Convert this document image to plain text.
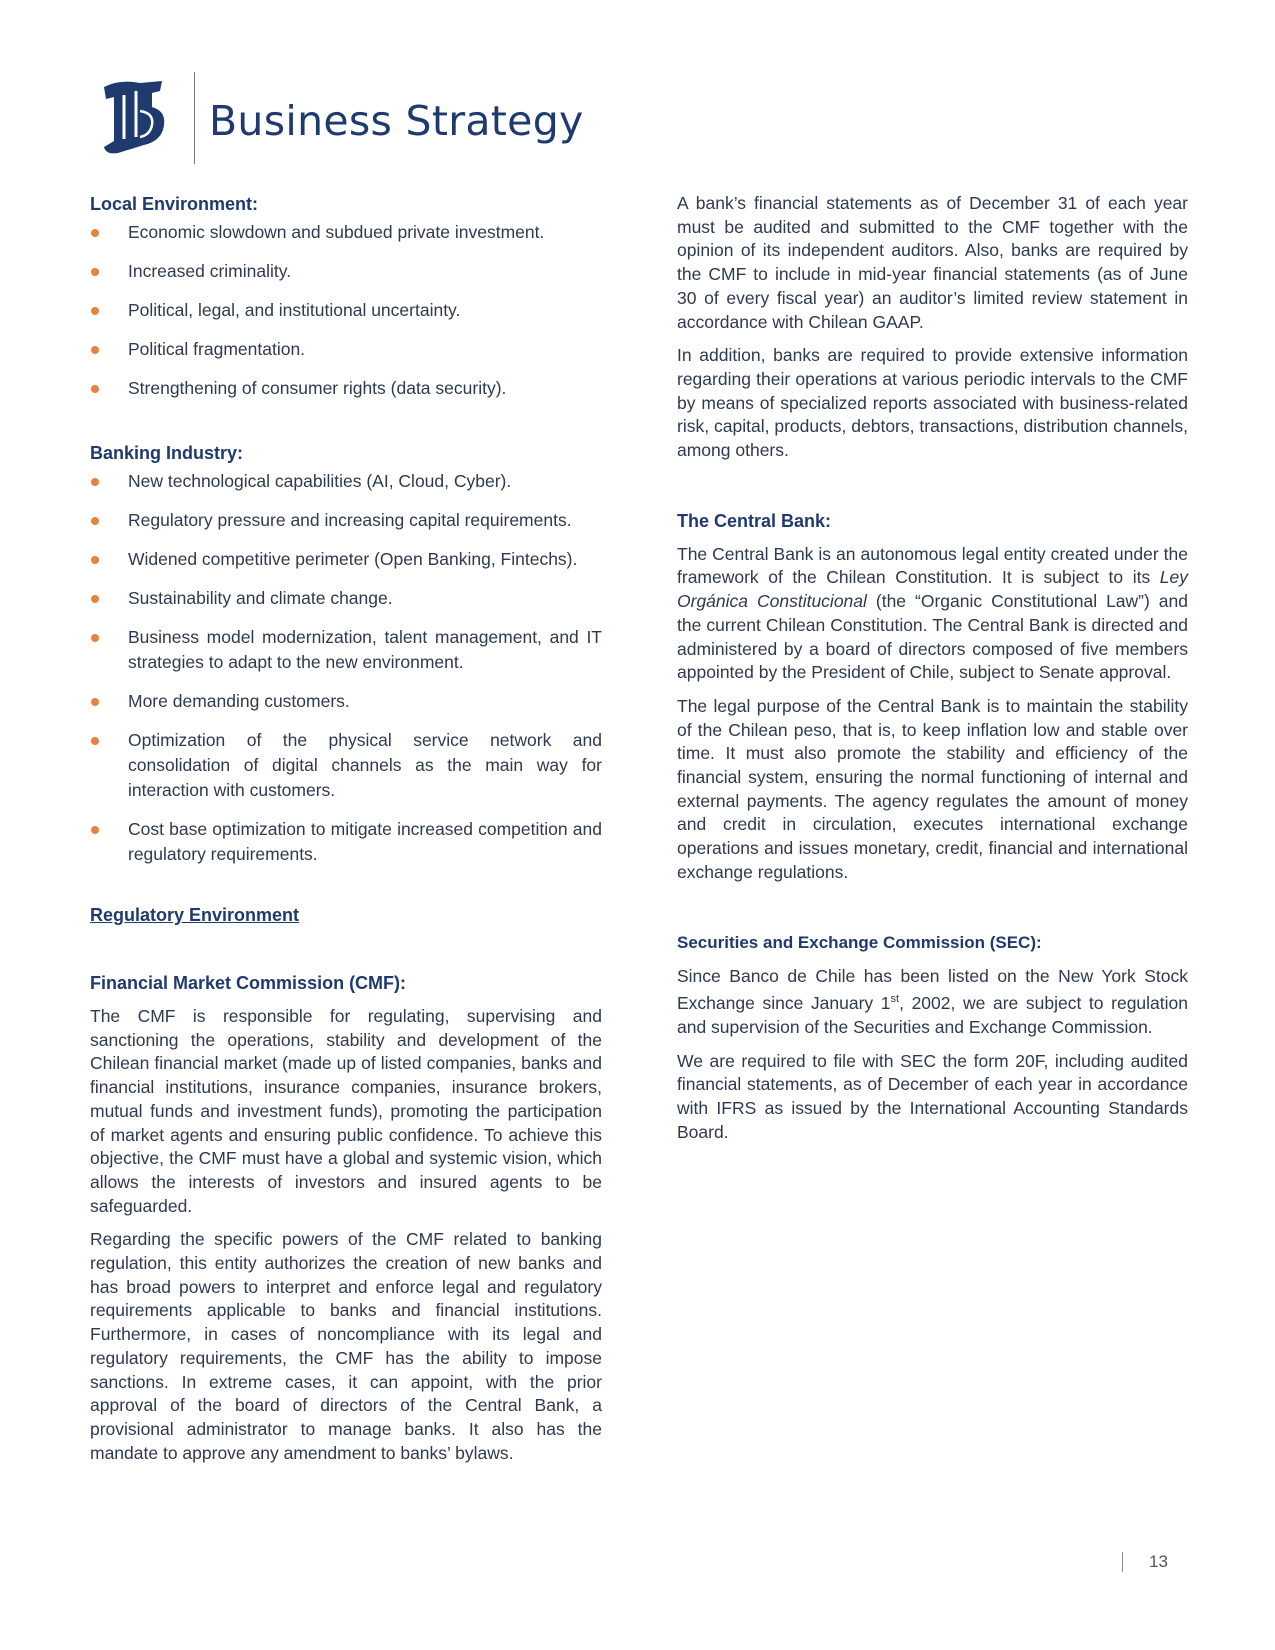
Business Strategy
Local Environment:
Economic slowdown and subdued private investment.
Increased criminality.
Political, legal, and institutional uncertainty.
Political fragmentation.
Strengthening of consumer rights (data security).
Banking Industry:
New technological capabilities (AI, Cloud, Cyber).
Regulatory pressure and increasing capital requirements.
Widened competitive perimeter (Open Banking, Fintechs).
Sustainability and climate change.
Business model modernization, talent management, and IT strategies to adapt to the new environment.
More demanding customers.
Optimization of the physical service network and consolidation of digital channels as the main way for interaction with customers.
Cost base optimization to mitigate increased competition and regulatory requirements.
Regulatory Environment
Financial Market Commission (CMF):

The CMF is responsible for regulating, supervising and sanctioning the operations, stability and development of the Chilean financial market (made up of listed companies, banks and financial institutions, insurance companies, insurance brokers, mutual funds and investment funds), promoting the participation of market agents and ensuring public confidence. To achieve this objective, the CMF must have a global and systemic vision, which allows the interests of investors and insured agents to be safeguarded.

Regarding the specific powers of the CMF related to banking regulation, this entity authorizes the creation of new banks and has broad powers to interpret and enforce legal and regulatory requirements applicable to banks and financial institutions. Furthermore, in cases of noncompliance with its legal and regulatory requirements, the CMF has the ability to impose sanctions. In extreme cases, it can appoint, with the prior approval of the board of directors of the Central Bank, a provisional administrator to manage banks. It also has the mandate to approve any amendment to banks’ bylaws.

A bank’s financial statements as of December 31 of each year must be audited and submitted to the CMF together with the opinion of its independent auditors. Also, banks are required by the CMF to include in mid-year financial statements (as of June 30 of every fiscal year) an auditor’s limited review statement in accordance with Chilean GAAP.

In addition, banks are required to provide extensive information regarding their operations at various periodic intervals to the CMF by means of specialized reports associated with business-related risk, capital, products, debtors, transactions, distribution channels, among others.

The Central Bank:

The Central Bank is an autonomous legal entity created under the framework of the Chilean Constitution. It is subject to its Ley Orgánica Constitucional (the “Organic Constitutional Law”) and the current Chilean Constitution. The Central Bank is directed and administered by a board of directors composed of five members appointed by the President of Chile, subject to Senate approval.

The legal purpose of the Central Bank is to maintain the stability of the Chilean peso, that is, to keep inflation low and stable over time. It must also promote the stability and efficiency of the financial system, ensuring the normal functioning of internal and external payments. The agency regulates the amount of money and credit in circulation, executes international exchange operations and issues monetary, credit, financial and international exchange regulations.

Securities and Exchange Commission (SEC):

Since Banco de Chile has been listed on the New York Stock Exchange since January 1st, 2002, we are subject to regulation and supervision of the Securities and Exchange Commission.

We are required to file with SEC the form 20F, including audited financial statements, as of December of each year in accordance with IFRS as issued by the International Accounting Standards Board.

13
